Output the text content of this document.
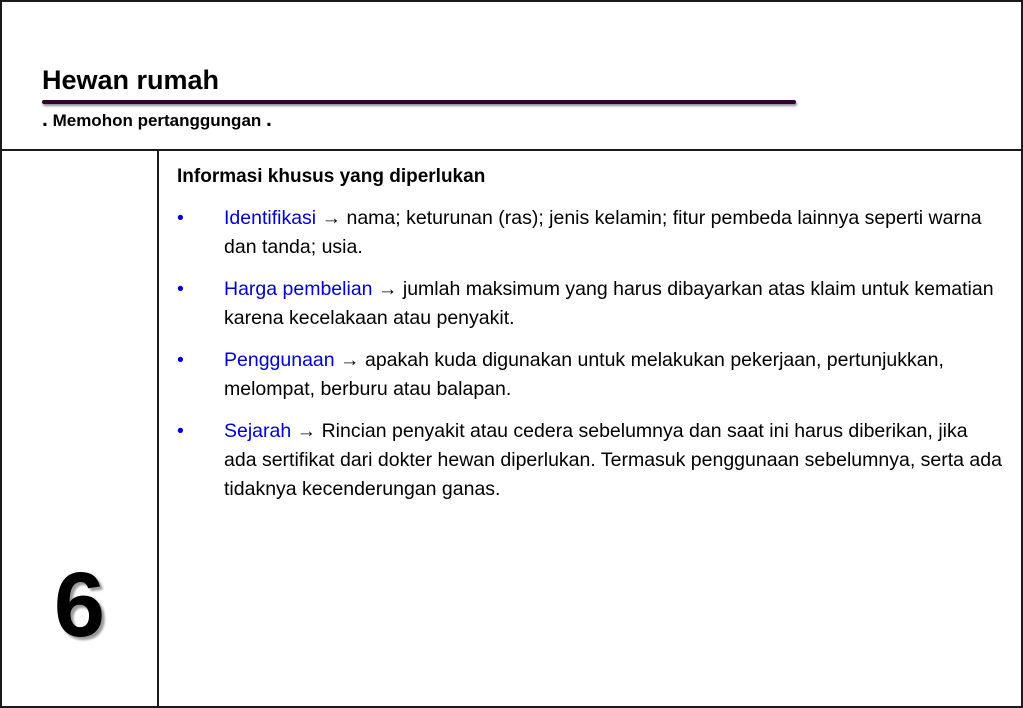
Hewan rumah

. Memohon pertanggungan .

6
Informasi khusus yang diperlukan
• Identifikasi → nama; keturunan (ras); jenis kelamin; fitur pembeda lainnya seperti warna dan tanda; usia.
• Harga pembelian → jumlah maksimum yang harus dibayarkan atas klaim untuk kematian karena kecelakaan atau penyakit.
• Penggunaan → apakah kuda digunakan untuk melakukan pekerjaan, pertunjukkan, melompat, berburu atau balapan.
• Sejarah → Rincian penyakit atau cedera sebelumnya dan saat ini harus diberikan, jika ada sertifikat dari dokter hewan diperlukan. Termasuk penggunaan sebelumnya, serta ada tidaknya kecenderungan ganas.
